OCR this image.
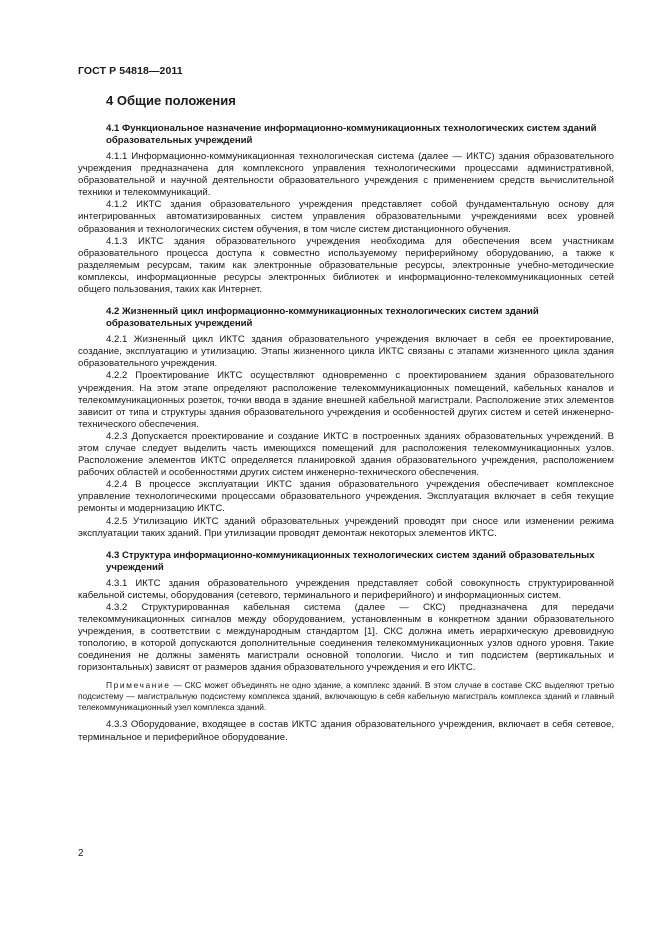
ГОСТ Р 54818—2011
4 Общие положения
4.1 Функциональное назначение информационно-коммуникационных технологических систем зданий образовательных учреждений

4.1.1 Информационно-коммуникационная технологическая система (далее — ИКТС) здания образовательного учреждения предназначена для комплексного управления технологическими процессами административной, образовательной и научной деятельности образовательного учреждения с применением средств вычислительной техники и телекоммуникаций.

4.1.2 ИКТС здания образовательного учреждения представляет собой фундаментальную основу для интегрированных автоматизированных систем управления образовательными учреждениями всех уровней образования и технологических систем обучения, в том числе систем дистанционного обучения.

4.1.3 ИКТС здания образовательного учреждения необходима для обеспечения всем участникам образовательного процесса доступа к совместно используемому периферийному оборудованию, а также к разделяемым ресурсам, таким как электронные образовательные ресурсы, электронные учебно-методические комплексы, информационные ресурсы электронных библиотек и информационно-телекоммуникационных сетей общего пользования, таких как Интернет.

4.2 Жизненный цикл информационно-коммуникационных технологических систем зданий образовательных учреждений

4.2.1 Жизненный цикл ИКТС здания образовательного учреждения включает в себя ее проектирование, создание, эксплуатацию и утилизацию. Этапы жизненного цикла ИКТС связаны с этапами жизненного цикла здания образовательного учреждения.

4.2.2 Проектирование ИКТС осуществляют одновременно с проектированием здания образовательного учреждения. На этом этапе определяют расположение телекоммуникационных помещений, кабельных каналов и телекоммуникационных розеток, точки ввода в здание внешней кабельной магистрали. Расположение этих элементов зависит от типа и структуры здания образовательного учреждения и особенностей других систем и сетей инженерно-технического обеспечения.

4.2.3 Допускается проектирование и создание ИКТС в построенных зданиях образовательных учреждений. В этом случае следует выделить часть имеющихся помещений для расположения телекоммуникационных узлов. Расположение элементов ИКТС определяется планировкой здания образовательного учреждения, расположением рабочих областей и особенностями других систем инженерно-технического обеспечения.

4.2.4 В процессе эксплуатации ИКТС здания образовательного учреждения обеспечивает комплексное управление технологическими процессами образовательного учреждения. Эксплуатация включает в себя текущие ремонты и модернизацию ИКТС.

4.2.5 Утилизацию ИКТС зданий образовательных учреждений проводят при сносе или изменении режима эксплуатации таких зданий. При утилизации проводят демонтаж некоторых элементов ИКТС.

4.3 Структура информационно-коммуникационных технологических систем зданий образовательных учреждений

4.3.1 ИКТС здания образовательного учреждения представляет собой совокупность структурированной кабельной системы, оборудования (сетевого, терминального и периферийного) и информационных систем.

4.3.2 Структурированная кабельная система (далее — СКС) предназначена для передачи телекоммуникационных сигналов между оборудованием, установленным в конкретном здании образовательного учреждения, в соответствии с международным стандартом [1]. СКС должна иметь иерархическую древовидную топологию, в которой допускаются дополнительные соединения телекоммуникационных узлов одного уровня. Такие соединения не должны заменять магистрали основной топологии. Число и тип подсистем (вертикальных и горизонтальных) зависят от размеров здания образовательного учреждения и его ИКТС.

Примечание — СКС может объединять не одно здание, а комплекс зданий. В этом случае в составе СКС выделяют третью подсистему — магистральную подсистему комплекса зданий, включающую в себя кабельную магистраль комплекса зданий и главный телекоммуникационный узел комплекса зданий.

4.3.3 Оборудование, входящее в состав ИКТС здания образовательного учреждения, включает в себя сетевое, терминальное и периферийное оборудование.

2
